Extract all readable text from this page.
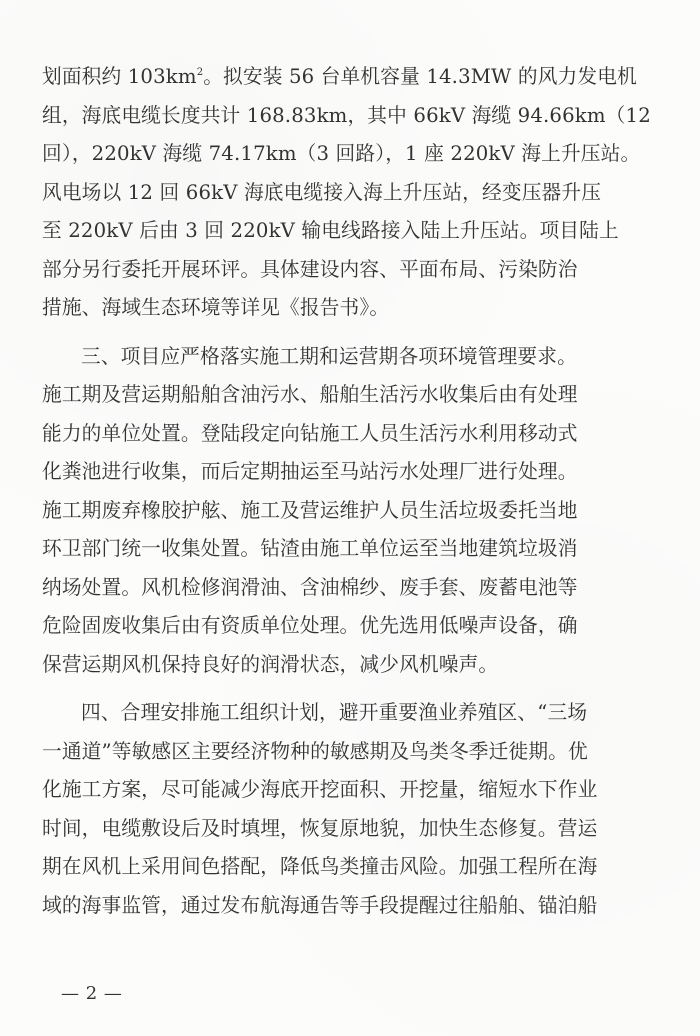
划面积约 $103km^2$。拟安装 56 台单机容量 14.3MW 的风力发电机
组，海底电缆长度共计 168.83km，其中 66kV 海缆 94.66km（12
回），220kV 海缆 74.17km（3 回路），1 座 220kV 海上升压站。
风电场以 12 回 66kV 海底电缆接入海上升压站，经变压器升压
至 220kV 后由 3 回 220kV 输电线路接入陆上升压站。项目陆上
部分另行委托开展环评。具体建设内容、平面布局、污染防治
措施、海域生态环境等详见《报告书》。
三、项目应严格落实施工期和运营期各项环境管理要求。
施工期及营运期船舶含油污水、船舶生活污水收集后由有处理
能力的单位处置。登陆段定向钻施工人员生活污水利用移动式
化粪池进行收集，而后定期抽运至马站污水处理厂进行处理。
施工期废弃橡胶护舷、施工及营运维护人员生活垃圾委托当地
环卫部门统一收集处置。钻渣由施工单位运至当地建筑垃圾消
纳场处置。风机检修润滑油、含油棉纱、废手套、废蓄电池等
危险固废收集后由有资质单位处理。优先选用低噪声设备，确
保营运期风机保持良好的润滑状态，减少风机噪声。
四、合理安排施工组织计划，避开重要渔业养殖区、“三场
一通道”等敏感区主要经济物种的敏感期及鸟类冬季迁徙期。优
化施工方案，尽可能减少海底开挖面积、开挖量，缩短水下作业
时间，电缆敷设后及时填埋，恢复原地貌，加快生态修复。营运
期在风机上采用间色搭配，降低鸟类撞击风险。加强工程所在海
域的海事监管，通过发布航海通告等手段提醒过往船舶、锚泊船
— 2 —
